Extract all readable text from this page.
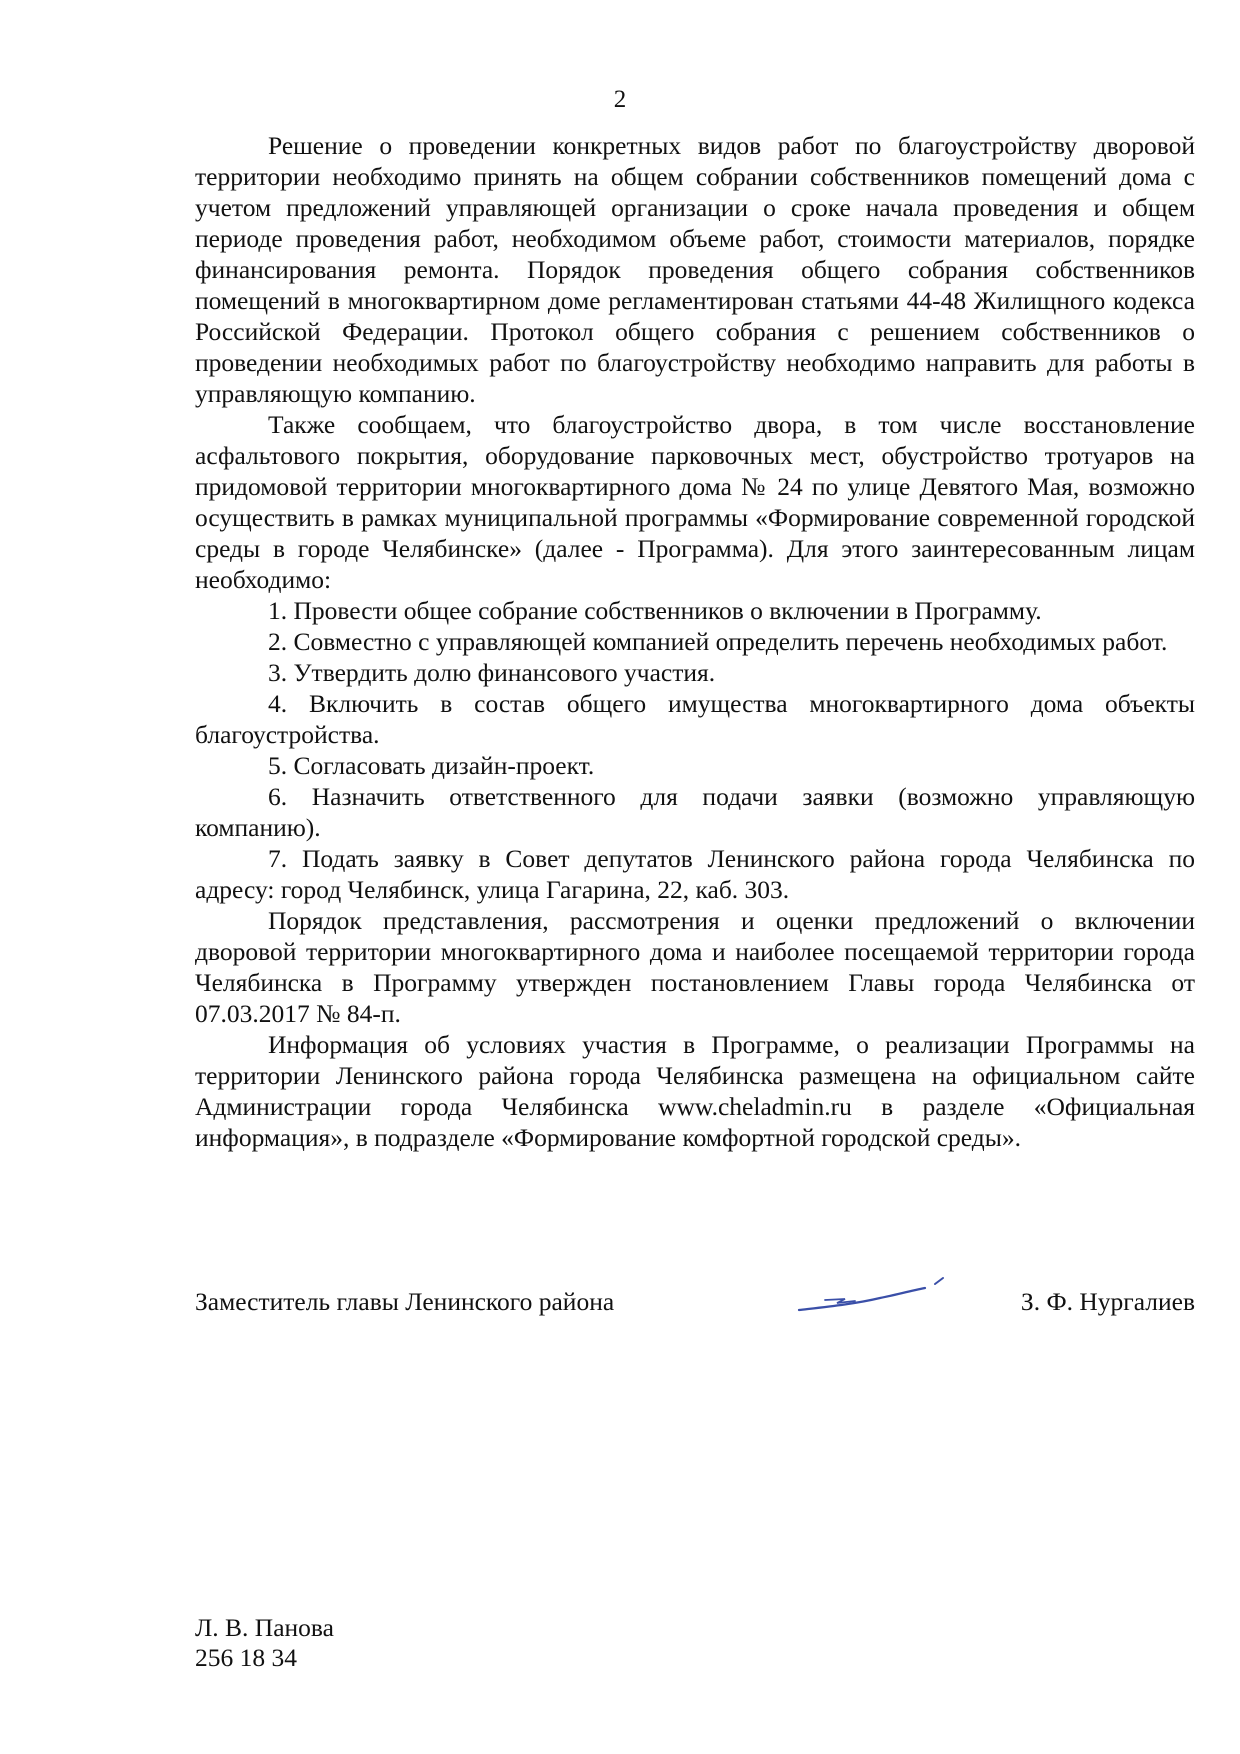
2

Решение о проведении конкретных видов работ по благоустройству дворовой территории необходимо принять на общем собрании собственников помещений дома с учетом предложений управляющей организации о сроке начала проведения и общем периоде проведения работ, необходимом объеме работ, стоимости материалов, порядке финансирования ремонта. Порядок проведения общего собрания собственников помещений в многоквартирном доме регламентирован статьями 44-48 Жилищного кодекса Российской Федерации. Протокол общего собрания с решением собственников о проведении необходимых работ по благоустройству необходимо направить для работы в управляющую компанию.

Также сообщаем, что благоустройство двора, в том числе восстановление асфальтового покрытия, оборудование парковочных мест, обустройство тротуаров на придомовой территории многоквартирного дома № 24 по улице Девятого Мая, возможно осуществить в рамках муниципальной программы «Формирование современной городской среды в городе Челябинске» (далее - Программа). Для этого заинтересованным лицам необходимо:

1. Провести общее собрание собственников о включении в Программу.

2. Совместно с управляющей компанией определить перечень необходимых работ.

3. Утвердить долю финансового участия.

4. Включить в состав общего имущества многоквартирного дома объекты благоустройства.

5. Согласовать дизайн-проект.

6. Назначить ответственного для подачи заявки (возможно управляющую компанию).

7. Подать заявку в Совет депутатов Ленинского района города Челябинска по адресу: город Челябинск, улица Гагарина, 22, каб. 303.

Порядок представления, рассмотрения и оценки предложений о включении дворовой территории многоквартирного дома и наиболее посещаемой территории города Челябинска в Программу утвержден постановлением Главы города Челябинска от 07.03.2017 № 84-п.

Информация об условиях участия в Программе, о реализации Программы на территории Ленинского района города Челябинска размещена на официальном сайте Администрации города Челябинска www.cheladmin.ru в разделе «Официальная информация», в подразделе «Формирование комфортной городской среды».

Заместитель главы Ленинского района	З. Ф. Нургалиев
Л. В. Панова
256 18 34
